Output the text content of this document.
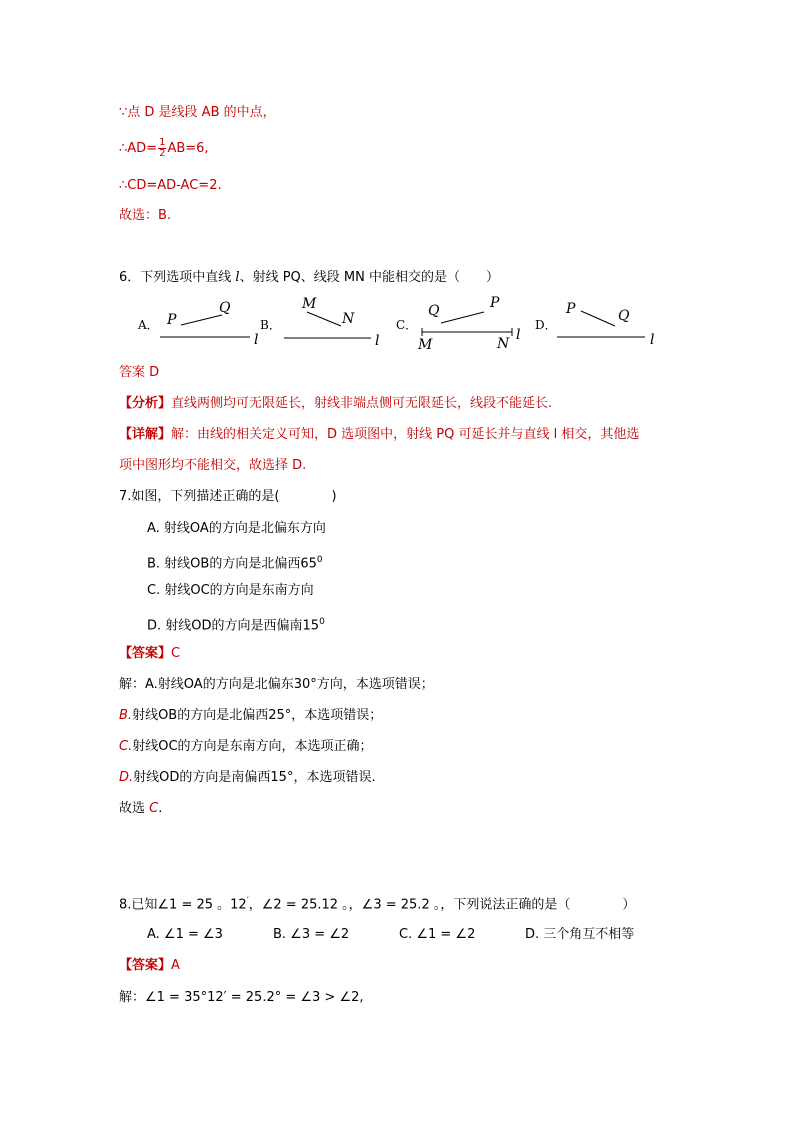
∵点 D 是线段 AB 的中点，
∴AD= $\frac{1}{2} AB=6$,
∴CD=AD-AC=2.
故选：B.
6．下列选项中直线 l、射线 PQ、线段 MN 中能相交的是（　　）
A．	B．	C．	D．
P
Q
l
M
N
l
Q	P
M	N
l
P	Q
l
答案 D
【分析】直线两侧均可无限延长，射线非端点侧可无限延长，线段不能延长.
【详解】解：由线的相关定义可知，D 选项图中，射线 PQ 可延长并与直线 l 相交，其他选
项中图形均不能相交，故选择 D.
7.如图，下列描述正确的是(　　　　)
A. 射线OA的方向是北偏东方向
B. 射线OB的方向是北偏西$65^0$
C. 射线OC的方向是东南方向
D. 射线OD的方向是西偏南$15^0$
【答案】C
解：A.射线OA的方向是北偏东30°方向，本选项错误；
B.射线OB的方向是北偏西25°，本选项错误；
C.射线OC的方向是东南方向，本选项正确；
D.射线OD的方向是南偏西15°，本选项错误.
故选 C.
8.已知∠1 = 25 。12′，∠2 = 25.12 。，∠3 = 25.2 。，下列说法正确的是（　　　　）
A. ∠1 = ∠3	B. ∠3 = ∠2	C. ∠1 = ∠2	D. 三个角互不相等
【答案】A
解：∠1 = 35°12′ = 25.2° = ∠3 > ∠2,
